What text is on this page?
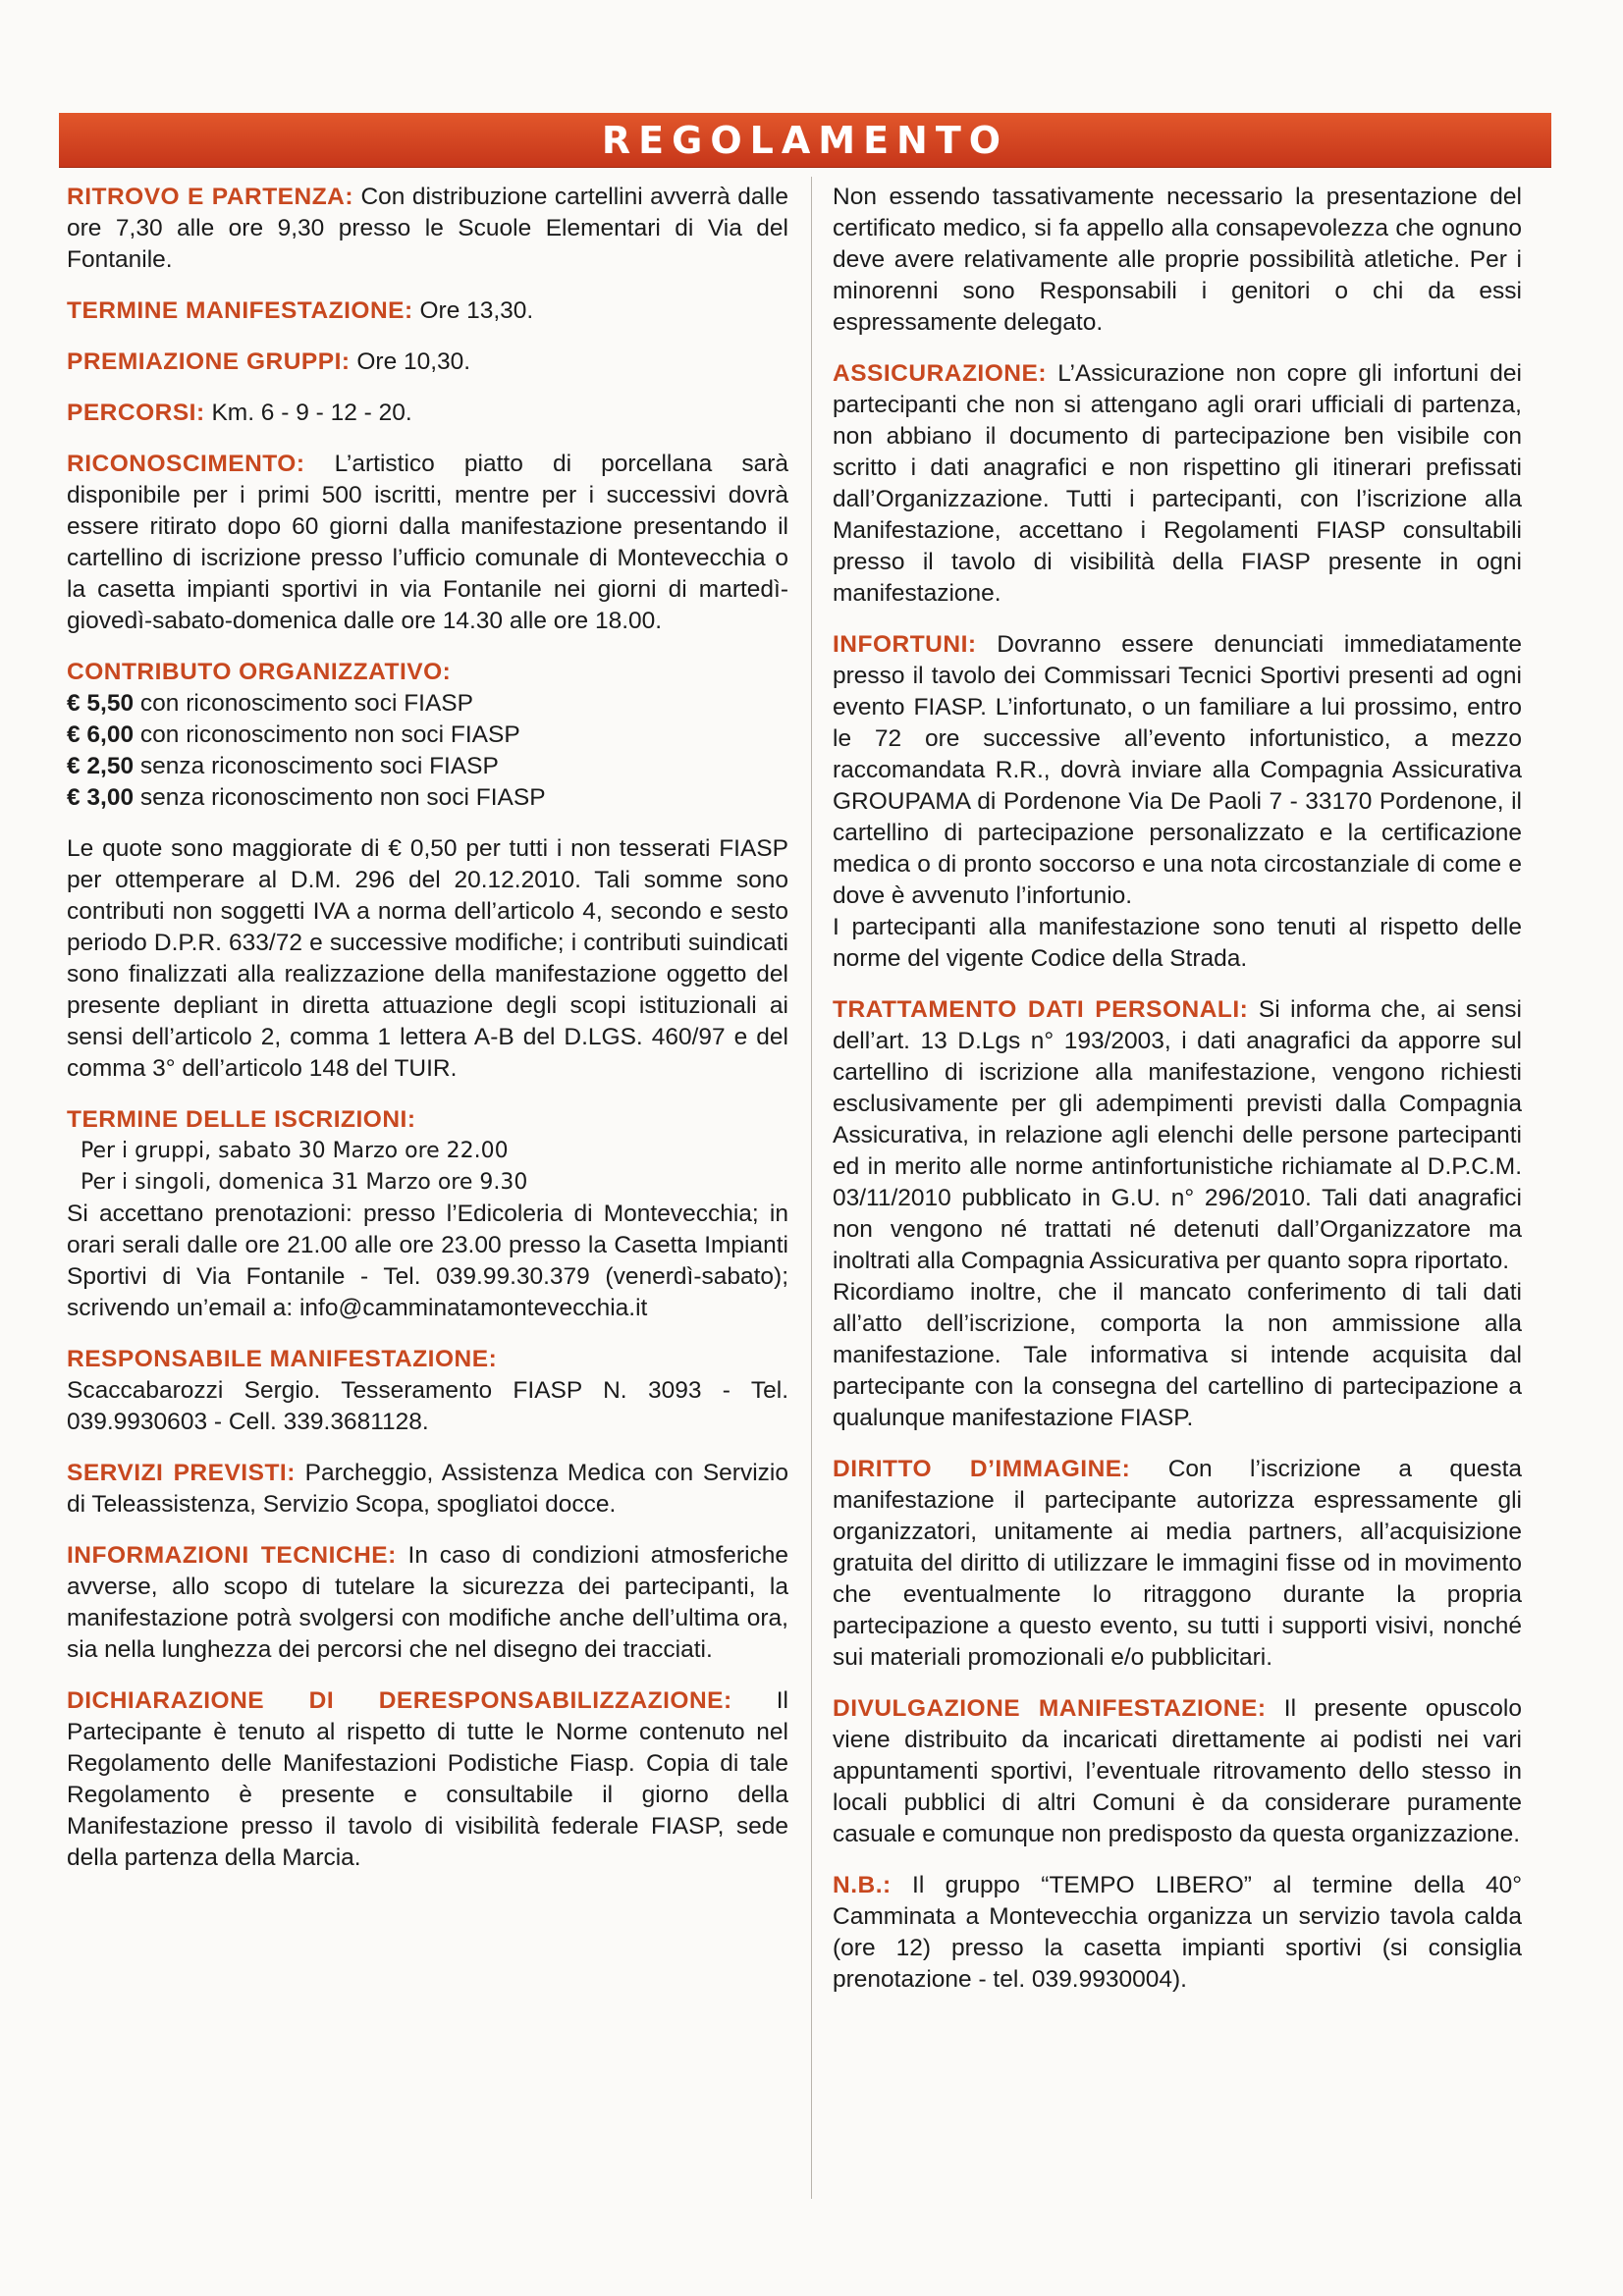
REGOLAMENTO

RITROVO E PARTENZA: Con distribuzione cartellini avverrà dalle ore 7,30 alle ore 9,30 presso le Scuole Elementari di Via del Fontanile.

TERMINE MANIFESTAZIONE: Ore 13,30.

PREMIAZIONE GRUPPI: Ore 10,30.

PERCORSI: Km. 6 - 9 - 12 - 20.

RICONOSCIMENTO: L’artistico piatto di porcellana sarà disponibile per i primi 500 iscritti, mentre per i successivi dovrà essere ritirato dopo 60 giorni dalla manifestazione presentando il cartellino di iscrizione presso l’ufficio comunale di Montevecchia o la casetta impianti sportivi in via Fontanile nei giorni di martedì-giovedì-sabato-domenica dalle ore 14.30 alle ore 18.00.

CONTRIBUTO ORGANIZZATIVO:
€ 5,50 con riconoscimento soci FIASP
€ 6,00 con riconoscimento non soci FIASP
€ 2,50 senza riconoscimento soci FIASP
€ 3,00 senza riconoscimento non soci FIASP

Le quote sono maggiorate di € 0,50 per tutti i non tesserati FIASP per ottemperare al D.M. 296 del 20.12.2010. Tali somme sono contributi non soggetti IVA a norma dell’articolo 4, secondo e sesto periodo D.P.R. 633/72 e successive modifiche; i contributi suindicati sono finalizzati alla realizzazione della manifestazione oggetto del presente depliant in diretta attuazione degli scopi istituzionali ai sensi dell’articolo 2, comma 1 lettera A-B del D.LGS. 460/97 e del comma 3° dell’articolo 148 del TUIR.

TERMINE DELLE ISCRIZIONI:
Per i gruppi, sabato 30 Marzo ore 22.00
Per i singoli, domenica 31 Marzo ore 9.30
Si accettano prenotazioni: presso l’Edicoleria di Montevecchia; in orari serali dalle ore 21.00 alle ore 23.00 presso la Casetta Impianti Sportivi di Via Fontanile - Tel. 039.99.30.379 (venerdì-sabato); scrivendo un’email a: info@camminatamontevecchia.it
RESPONSABILE MANIFESTAZIONE:
Scaccabarozzi Sergio. Tesseramento FIASP N. 3093 - Tel. 039.9930603 - Cell. 339.3681128.

SERVIZI PREVISTI: Parcheggio, Assistenza Medica con Servizio di Teleassistenza, Servizio Scopa, spogliatoi docce.

INFORMAZIONI TECNICHE: In caso di condizioni atmosferiche avverse, allo scopo di tutelare la sicurezza dei partecipanti, la manifestazione potrà svolgersi con modifiche anche dell’ultima ora, sia nella lunghezza dei percorsi che nel disegno dei tracciati.

DICHIARAZIONE DI DERESPONSABILIZZAZIONE: Il Partecipante è tenuto al rispetto di tutte le Norme contenuto nel Regolamento delle Manifestazioni Podistiche Fiasp. Copia di tale Regolamento è presente e consultabile il giorno della Manifestazione presso il tavolo di visibilità federale FIASP, sede della partenza della Marcia.

Non essendo tassativamente necessario la presentazione del certificato medico, si fa appello alla consapevolezza che ognuno deve avere relativamente alle proprie possibilità atletiche. Per i minorenni sono Responsabili i genitori o chi da essi espressamente delegato.

ASSICURAZIONE: L’Assicurazione non copre gli infortuni dei partecipanti che non si attengano agli orari ufficiali di partenza, non abbiano il documento di partecipazione ben visibile con scritto i dati anagrafici e non rispettino gli itinerari prefissati dall’Organizzazione. Tutti i partecipanti, con l’iscrizione alla Manifestazione, accettano i Regolamenti FIASP consultabili presso il tavolo di visibilità della FIASP presente in ogni manifestazione.

INFORTUNI: Dovranno essere denunciati immediatamente presso il tavolo dei Commissari Tecnici Sportivi presenti ad ogni evento FIASP. L’infortunato, o un familiare a lui prossimo, entro le 72 ore successive all’evento infortunistico, a mezzo raccomandata R.R., dovrà inviare alla Compagnia Assicurativa GROUPAMA di Pordenone Via De Paoli 7 - 33170 Pordenone, il cartellino di partecipazione personalizzato e la certificazione medica o di pronto soccorso e una nota circostanziale di come e dove è avvenuto l’infortunio.

I partecipanti alla manifestazione sono tenuti al rispetto delle norme del vigente Codice della Strada.

TRATTAMENTO DATI PERSONALI: Si informa che, ai sensi dell’art. 13 D.Lgs n° 193/2003, i dati anagrafici da apporre sul cartellino di iscrizione alla manifestazione, vengono richiesti esclusivamente per gli adempimenti previsti dalla Compagnia Assicurativa, in relazione agli elenchi delle persone partecipanti ed in merito alle norme antinfortunistiche richiamate al D.P.C.M. 03/11/2010 pubblicato in G.U. n° 296/2010. Tali dati anagrafici non vengono né trattati né detenuti dall’Organizzatore ma inoltrati alla Compagnia Assicurativa per quanto sopra riportato.

Ricordiamo inoltre, che il mancato conferimento di tali dati all’atto dell’iscrizione, comporta la non ammissione alla manifestazione. Tale informativa si intende acquisita dal partecipante con la consegna del cartellino di partecipazione a qualunque manifestazione FIASP.

DIRITTO D’IMMAGINE: Con l’iscrizione a questa manifestazione il partecipante autorizza espressamente gli organizzatori, unitamente ai media partners, all’acquisizione gratuita del diritto di utilizzare le immagini fisse od in movimento che eventualmente lo ritraggono durante la propria partecipazione a questo evento, su tutti i supporti visivi, nonché sui materiali promozionali e/o pubblicitari.

DIVULGAZIONE MANIFESTAZIONE: Il presente opuscolo viene distribuito da incaricati direttamente ai podisti nei vari appuntamenti sportivi, l’eventuale ritrovamento dello stesso in locali pubblici di altri Comuni è da considerare puramente casuale e comunque non predisposto da questa organizzazione.

N.B.: Il gruppo “TEMPO LIBERO” al termine della 40° Camminata a Montevecchia organizza un servizio tavola calda (ore 12) presso la casetta impianti sportivi (si consiglia prenotazione - tel. 039.9930004).
